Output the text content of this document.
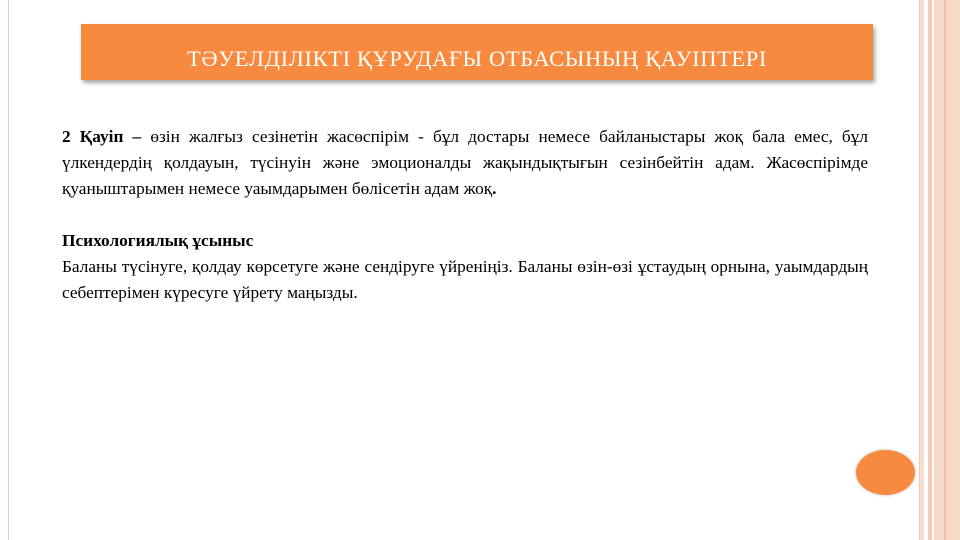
ТӘУЕЛДІЛІКТІ ҚҰРУДАҒЫ ОТБАСЫНЫҢ ҚАУІПТЕРІ

2 Қауіп – өзін жалғыз сезінетін жасөспірім - бұл достары немесе байланыстары жоқ бала емес, бұл үлкендердің қолдауын, түсінуін және эмоционалды жақындықтығын сезінбейтін адам. Жасөспірімде қуаныштарымен немесе уаымдарымен бөлісетін адам жоқ.

Психологиялық ұсыныс

Баланы түсінуге, қолдау көрсетуге және сендіруге үйреніңіз. Баланы өзін-өзі ұстаудың орнына, уаымдардың себептерімен күресуге үйрету маңызды.
